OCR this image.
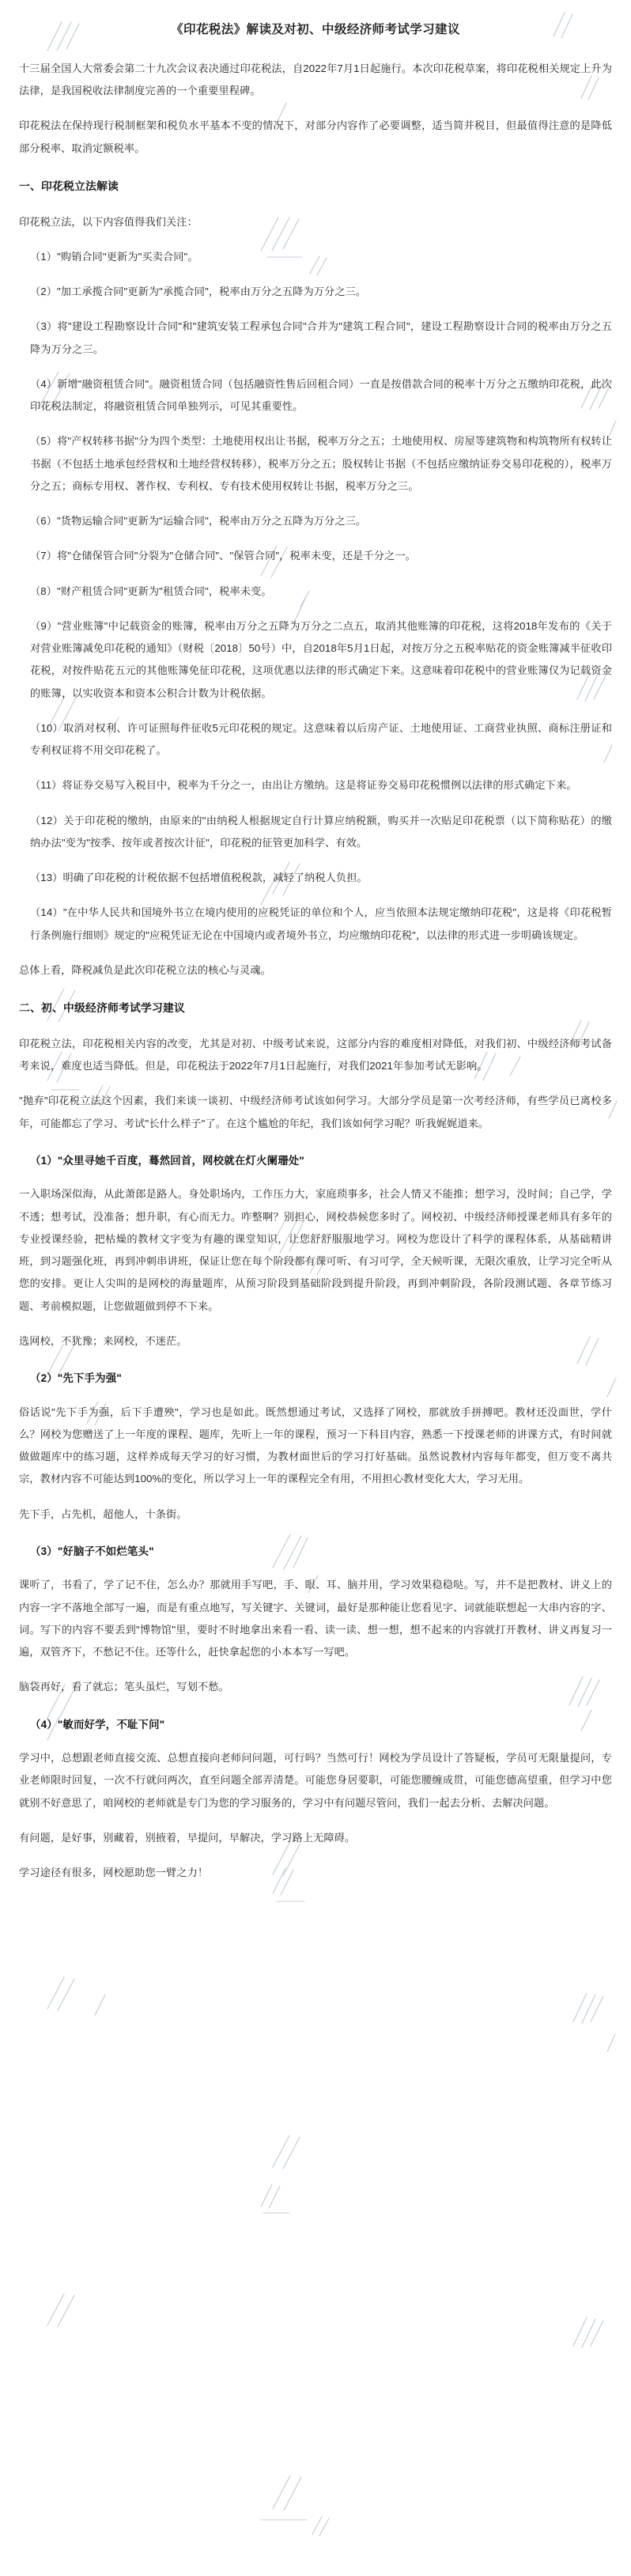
《印花税法》解读及对初、中级经济师考试学习建议

十三届全国人大常委会第二十九次会议表决通过印花税法，自2022年7月1日起施行。本次印花税草案，将印花税相关规定上升为法律，是我国税收法律制度完善的一个重要里程碑。

印花税法在保持现行税制框架和税负水平基本不变的情况下，对部分内容作了必要调整，适当简并税目，但最值得注意的是降低部分税率、取消定额税率。

一、印花税立法解读

印花税立法，以下内容值得我们关注：

（1）"购销合同"更新为"买卖合同"。

（2）"加工承揽合同"更新为"承揽合同"，税率由万分之五降为万分之三。

（3）将"建设工程勘察设计合同"和"建筑安装工程承包合同"合并为"建筑工程合同"，建设工程勘察设计合同的税率由万分之五降为万分之三。

（4）新增"融资租赁合同"。融资租赁合同（包括融资性售后回租合同）一直是按借款合同的税率十万分之五缴纳印花税，此次印花税法制定，将融资租赁合同单独列示，可见其重要性。

（5）将"产权转移书据"分为四个类型：土地使用权出让书据，税率万分之五；土地使用权、房屋等建筑物和构筑物所有权转让书据（不包括土地承包经营权和土地经营权转移），税率万分之五；股权转让书据（不包括应缴纳证券交易印花税的），税率万分之五；商标专用权、著作权、专利权、专有技术使用权转让书据，税率万分之三。

（6）"货物运输合同"更新为"运输合同"，税率由万分之五降为万分之三。

（7）将"仓储保管合同"分裂为"仓储合同"、"保管合同"，税率未变，还是千分之一。

（8）"财产租赁合同"更新为"租赁合同"，税率未变。

（9）"营业账簿"中记载资金的账簿，税率由万分之五降为万分之二点五，取消其他账簿的印花税，这将2018年发布的《关于对营业账簿减免印花税的通知》（财税〔2018〕50号）中，自2018年5月1日起，对按万分之五税率贴花的资金账簿减半征收印花税，对按件贴花五元的其他账簿免征印花税，这项优惠以法律的形式确定下来。这意味着印花税中的营业账簿仅为记载资金的账簿，以实收资本和资本公积合计数为计税依据。

（10）取消对权利、许可证照每件征收5元印花税的规定。这意味着以后房产证、土地使用证、工商营业执照、商标注册证和专利权证将不用交印花税了。

（11）将证券交易写入税目中，税率为千分之一，由出让方缴纳。这是将证券交易印花税惯例以法律的形式确定下来。

（12）关于印花税的缴纳，由原来的"由纳税人根据规定自行计算应纳税额，购买并一次贴足印花税票（以下简称贴花）的缴纳办法"变为"按季、按年或者按次计征"，印花税的征管更加科学、有效。

（13）明确了印花税的计税依据不包括增值税税款，减轻了纳税人负担。

（14）"在中华人民共和国境外书立在境内使用的应税凭证的单位和个人，应当依照本法规定缴纳印花税"，这是将《印花税暂行条例施行细则》规定的"应税凭证无论在中国境内或者境外书立，均应缴纳印花税"，以法律的形式进一步明确该规定。

总体上看，降税减负是此次印花税立法的核心与灵魂。

二、初、中级经济师考试学习建议

印花税立法，印花税相关内容的改变，尤其是对初、中级考试来说，这部分内容的难度相对降低，对我们初、中级经济师考试备考来说，难度也适当降低。但是，印花税法于2022年7月1日起施行，对我们2021年参加考试无影响。

"抛弃"印花税立法这个因素，我们来谈一谈初、中级经济师考试该如何学习。大部分学员是第一次考经济师，有些学员已离校多年，可能都忘了学习、考试"长什么样子"了。在这个尴尬的年纪，我们该如何学习呢？听我娓娓道来。

（1）"众里寻她千百度，蓦然回首，网校就在灯火阑珊处"

一入职场深似海，从此萧郎是路人。身处职场内，工作压力大，家庭琐事多，社会人情又不能推；想学习，没时间；自己学，学不透；想考试，没准备；想升职，有心而无力。咋整啊？别担心，网校恭候您多时了。网校初、中级经济师授课老师具有多年的专业授课经验，把枯燥的教材文字变为有趣的课堂知识，让您舒舒服服地学习。网校为您设计了科学的课程体系，从基础精讲班，到习题强化班，再到冲刺串讲班，保证让您在每个阶段都有课可听、有习可学，全天候听课，无限次重放，让学习完全听从您的安排。更让人尖叫的是网校的海量题库，从预习阶段到基础阶段到提升阶段，再到冲刺阶段，各阶段测试题、各章节练习题、考前模拟题，让您做题做到停不下来。

选网校，不犹豫；来网校，不迷茫。

（2）"先下手为强"

俗话说"先下手为强，后下手遭殃"，学习也是如此。既然想通过考试，又选择了网校，那就放手拼搏吧。教材还没面世，学什么？网校为您赠送了上一年度的课程、题库，先听上一年的课程，预习一下科目内容，熟悉一下授课老师的讲课方式，有时间就做做题库中的练习题，这样养成每天学习的好习惯，为教材面世后的学习打好基础。虽然说教材内容每年都变，但万变不离共宗，教材内容不可能达到100%的变化，所以学习上一年的课程完全有用，不用担心教材变化大大，学习无用。

先下手，占先机，超他人，十条街。

（3）"好脑子不如烂笔头"

课听了，书看了，学了记不住，怎么办？那就用手写吧，手、眼、耳、脑并用，学习效果稳稳哒。写，并不是把教材、讲义上的内容一字不落地全部写一遍，而是有重点地写，写关键字、关键词，最好是那种能让您看见字、词就能联想起一大串内容的字、词。写下的内容不要丢到"博物馆"里，要时不时地拿出来看一看、读一读、想一想，想不起来的内容就打开教材、讲义再复习一遍，双管齐下，不愁记不住。还等什么，赶快拿起您的小本本写一写吧。

脑袋再好，看了就忘；笔头虽烂，写划不愁。

（4）"敏而好学，不耻下问"

学习中，总想跟老师直接交流、总想直接向老师问问题，可行吗？当然可行！网校为学员设计了答疑板，学员可无限量提问，专业老师限时回复，一次不行就问两次，直至问题全部弄清楚。可能您身居要职，可能您腰缠成贯，可能您德高望重，但学习中您就别不好意思了，咱网校的老师就是专门为您的学习服务的，学习中有问题尽管问，我们一起去分析、去解决问题。

有问题，是好事，别藏着，别掖着，早提问，早解决，学习路上无障碍。

学习途径有很多，网校愿助您一臂之力！
